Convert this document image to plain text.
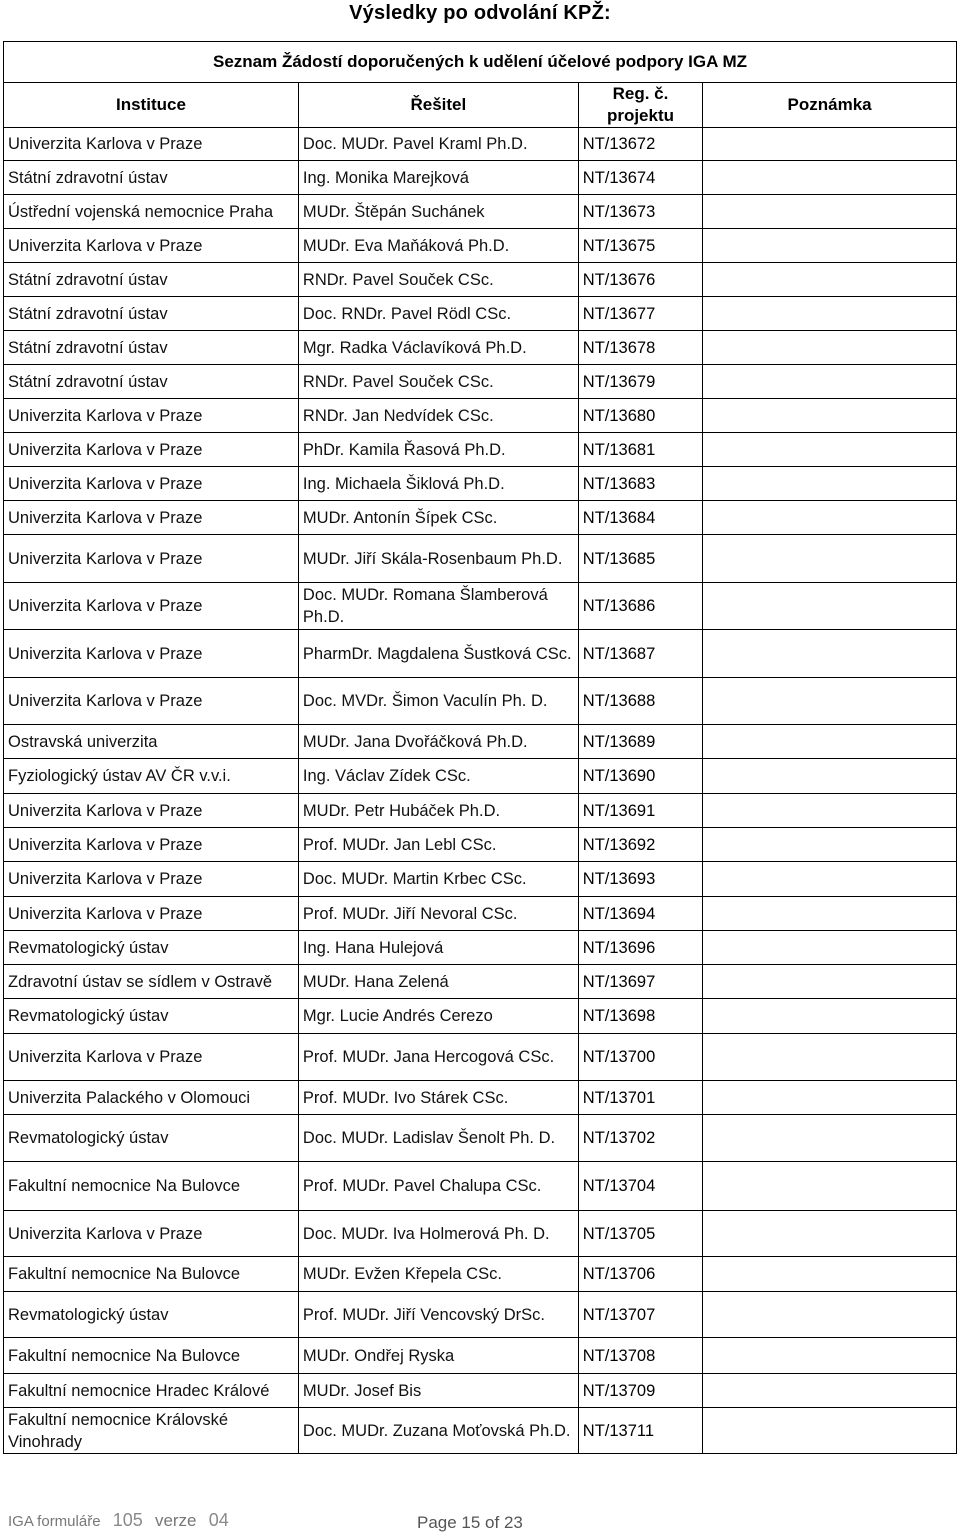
Výsledky po odvolání KPŽ:
Seznam Žádostí doporučených k udělení účelové podpory IGA MZ			
Instituce	Řešitel	Reg. č. projektu	Poznámka
Univerzita Karlova v Praze	Doc. MUDr. Pavel Kraml Ph.D.	NT/13672	
Státní zdravotní ústav	Ing. Monika Marejková	NT/13674	
Ústřední vojenská nemocnice Praha	MUDr. Štěpán Suchánek	NT/13673	
Univerzita Karlova v Praze	MUDr. Eva Maňáková Ph.D.	NT/13675	
Státní zdravotní ústav	RNDr. Pavel Souček CSc.	NT/13676	
Státní zdravotní ústav	Doc. RNDr. Pavel Rödl CSc.	NT/13677	
Státní zdravotní ústav	Mgr. Radka Václavíková Ph.D.	NT/13678	
Státní zdravotní ústav	RNDr. Pavel Souček CSc.	NT/13679	
Univerzita Karlova v Praze	RNDr. Jan Nedvídek CSc.	NT/13680	
Univerzita Karlova v Praze	PhDr. Kamila Řasová Ph.D.	NT/13681	
Univerzita Karlova v Praze	Ing. Michaela Šiklová Ph.D.	NT/13683	
Univerzita Karlova v Praze	MUDr. Antonín Šípek CSc.	NT/13684	
Univerzita Karlova v Praze	MUDr. Jiří Skála-Rosenbaum Ph.D.	NT/13685	
Univerzita Karlova v Praze	Doc. MUDr. Romana Šlamberová Ph.D.	NT/13686	
Univerzita Karlova v Praze	PharmDr. Magdalena Šustková CSc.	NT/13687	
Univerzita Karlova v Praze	Doc. MVDr. Šimon Vaculín Ph. D.	NT/13688	
Ostravská univerzita	MUDr. Jana Dvořáčková Ph.D.	NT/13689	
Fyziologický ústav AV ČR v.v.i.	Ing. Václav Zídek CSc.	NT/13690	
Univerzita Karlova v Praze	MUDr. Petr Hubáček Ph.D.	NT/13691	
Univerzita Karlova v Praze	Prof. MUDr. Jan Lebl CSc.	NT/13692	
Univerzita Karlova v Praze	Doc. MUDr. Martin Krbec CSc.	NT/13693	
Univerzita Karlova v Praze	Prof. MUDr. Jiří Nevoral CSc.	NT/13694	
Revmatologický ústav	Ing. Hana Hulejová	NT/13696	
Zdravotní ústav se sídlem v Ostravě	MUDr. Hana Zelená	NT/13697	
Revmatologický ústav	Mgr. Lucie Andrés Cerezo	NT/13698	
Univerzita Karlova v Praze	Prof. MUDr. Jana Hercogová CSc.	NT/13700	
Univerzita Palackého v Olomouci	Prof. MUDr. Ivo Stárek CSc.	NT/13701	
Revmatologický ústav	Doc. MUDr. Ladislav Šenolt Ph. D.	NT/13702	
Fakultní nemocnice Na Bulovce	Prof. MUDr. Pavel Chalupa CSc.	NT/13704	
Univerzita Karlova v Praze	Doc. MUDr. Iva Holmerová Ph. D.	NT/13705	
Fakultní nemocnice Na Bulovce	MUDr. Evžen Křepela CSc.	NT/13706	
Revmatologický ústav	Prof. MUDr. Jiří Vencovský DrSc.	NT/13707	
Fakultní nemocnice Na Bulovce	MUDr. Ondřej Ryska	NT/13708	
Fakultní nemocnice Hradec Králové	MUDr. Josef Bis	NT/13709	
Fakultní nemocnice Královské Vinohrady	Doc. MUDr. Zuzana Moťovská Ph.D.	NT/13711	
IGA formuláře 105 verze 04	Page 15 of 23
